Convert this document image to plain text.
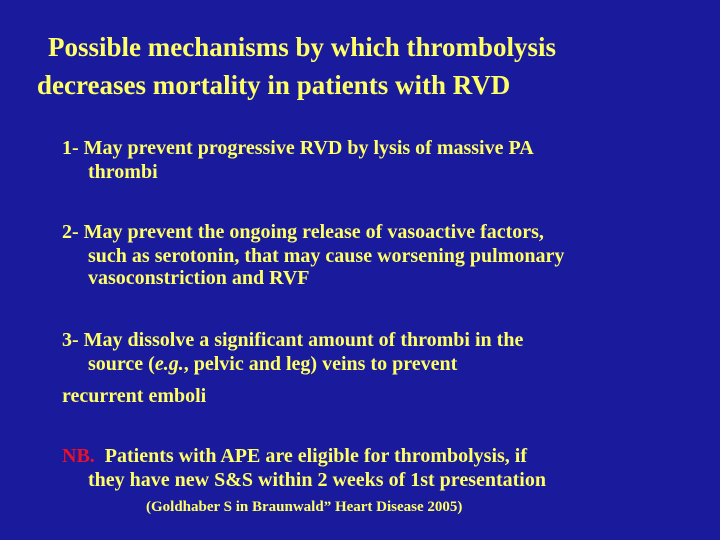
Possible mechanisms by which thrombolysis
decreases mortality in patients with RVD
1- May prevent progressive RVD by lysis of massive PA
thrombi
2- May prevent the ongoing release of vasoactive factors,
such as serotonin, that may cause worsening pulmonary
vasoconstriction and RVF
3- May dissolve a significant amount of thrombi in the
source (e.g., pelvic and leg) veins to prevent
recurrent emboli
NB. Patients with APE are eligible for thrombolysis, if
they have new S&S within 2 weeks of 1st presentation
(Goldhaber S in Braunwald” Heart Disease 2005)
